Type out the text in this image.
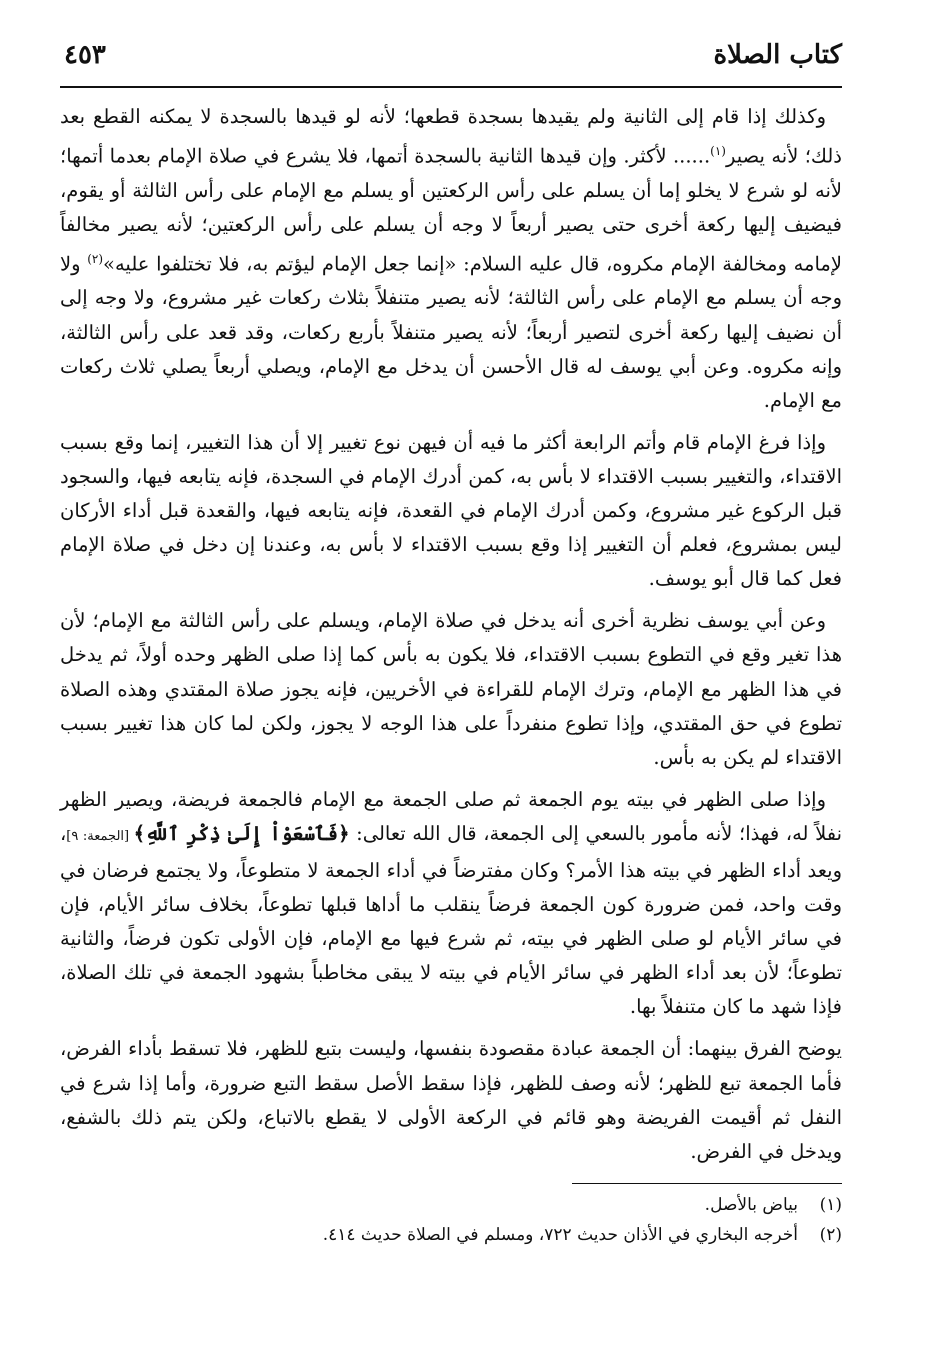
كتاب الصلاة
٤٥٣

وكذلك إذا قام إلى الثانية ولم يقيدها بسجدة قطعها؛ لأنه لو قيدها بالسجدة لا يمكنه القطع بعد ذلك؛ لأنه يصير$^{(١)}$...... لأكثر. وإن قيدها الثانية بالسجدة أتمها، فلا يشرع في صلاة الإمام بعدما أتمها؛ لأنه لو شرع لا يخلو إما أن يسلم على رأس الركعتين أو يسلم مع الإمام على رأس الثالثة أو يقوم، فيضيف إليها ركعة أخرى حتى يصير أربعاً لا وجه أن يسلم على رأس الركعتين؛ لأنه يصير مخالفاً لإمامه ومخالفة الإمام مكروه، قال عليه السلام: «إنما جعل الإمام ليؤتم به، فلا تختلفوا عليه»$^{(٢)}$ ولا وجه أن يسلم مع الإمام على رأس الثالثة؛ لأنه يصير متنفلاً بثلاث ركعات غير مشروع، ولا وجه إلى أن نضيف إليها ركعة أخرى لتصير أربعاً؛ لأنه يصير متنفلاً بأربع ركعات، وقد قعد على رأس الثالثة، وإنه مكروه. وعن أبي يوسف له قال الأحسن أن يدخل مع الإمام، ويصلي أربعاً يصلي ثلاث ركعات مع الإمام.

وإذا فرغ الإمام قام وأتم الرابعة أكثر ما فيه أن فيهن نوع تغيير إلا أن هذا التغيير، إنما وقع بسبب الاقتداء، والتغيير بسبب الاقتداء لا بأس به، كمن أدرك الإمام في السجدة، فإنه يتابعه فيها، والسجود قبل الركوع غير مشروع، وكمن أدرك الإمام في القعدة، فإنه يتابعه فيها، والقعدة قبل أداء الأركان ليس بمشروع، فعلم أن التغيير إذا وقع بسبب الاقتداء لا بأس به، وعندنا إن دخل في صلاة الإمام فعل كما قال أبو يوسف.

وعن أبي يوسف نظرية أخرى أنه يدخل في صلاة الإمام، ويسلم على رأس الثالثة مع الإمام؛ لأن هذا تغير وقع في التطوع بسبب الاقتداء، فلا يكون به بأس كما إذا صلى الظهر وحده أولاً، ثم يدخل في هذا الظهر مع الإمام، وترك الإمام للقراءة في الأخريين، فإنه يجوز صلاة المقتدي وهذه الصلاة تطوع في حق المقتدي، وإذا تطوع منفرداً على هذا الوجه لا يجوز، ولكن لما كان هذا تغيير بسبب الاقتداء لم يكن به بأس.

وإذا صلى الظهر في بيته يوم الجمعة ثم صلى الجمعة مع الإمام فالجمعة فريضة، ويصير الظهر نفلاً له، فهذا؛ لأنه مأمور بالسعي إلى الجمعة، قال الله تعالى: ﴿فَٱسْعَوْاْ إِلَىٰ ذِكْرِ ٱللَّهِ﴾ [الجمعة: ٩]، ويعد أداء الظهر في بيته هذا الأمر؟ وكان مفترضاً في أداء الجمعة لا متطوعاً، ولا يجتمع فرضان في وقت واحد، فمن ضرورة كون الجمعة فرضاً ينقلب ما أداها قبلها تطوعاً، بخلاف سائر الأيام، فإن في سائر الأيام لو صلى الظهر في بيته، ثم شرع فيها مع الإمام، فإن الأولى تكون فرضاً، والثانية تطوعاً؛ لأن بعد أداء الظهر في سائر الأيام في بيته لا يبقى مخاطباً بشهود الجمعة في تلك الصلاة، فإذا شهد ما كان متنفلاً بها.

يوضح الفرق بينهما: أن الجمعة عبادة مقصودة بنفسها، وليست بتبع للظهر، فلا تسقط بأداء الفرض، فأما الجمعة تبع للظهر؛ لأنه وصف للظهر، فإذا سقط الأصل سقط التبع ضرورة، وأما إذا شرع في النفل ثم أقيمت الفريضة وهو قائم في الركعة الأولى لا يقطع بالاتباع، ولكن يتم ذلك بالشفع، ويدخل في الفرض.

(١)
بياض بالأصل.
(٢)
أخرجه البخاري في الأذان حديث ٧٢٢، ومسلم في الصلاة حديث ٤١٤.
